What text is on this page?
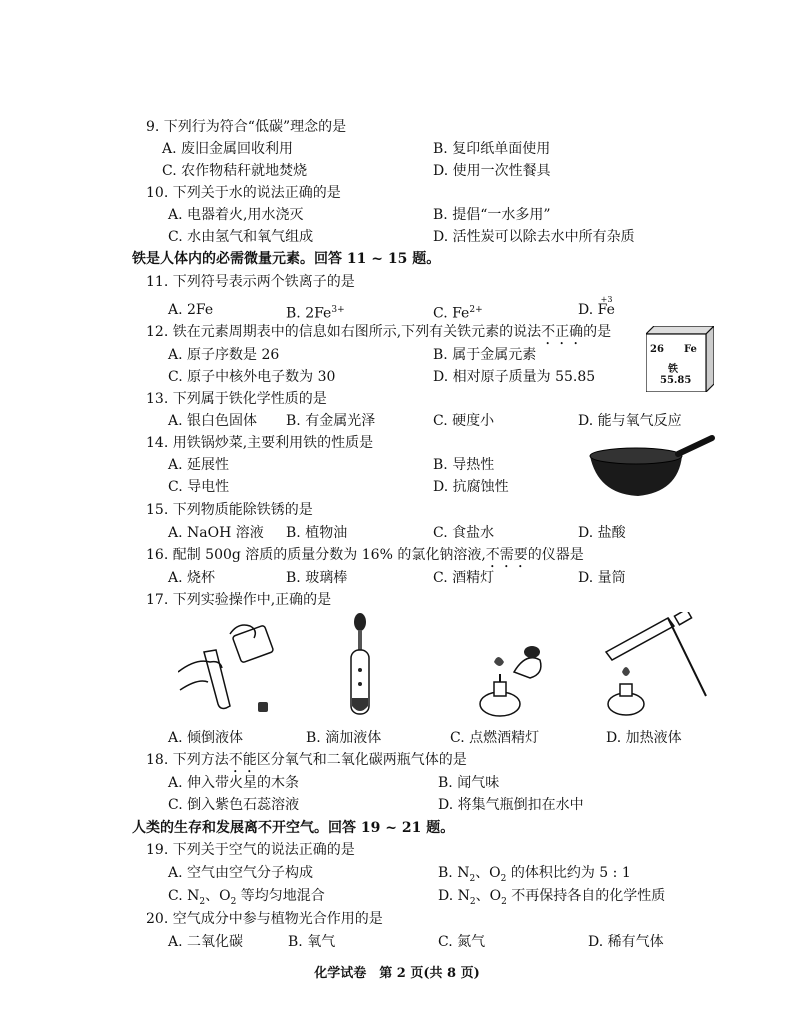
9. 下列行为符合“低碳”理念的是
A. 废旧金属回收利用	B. 复印纸单面使用
C. 农作物秸秆就地焚烧	D. 使用一次性餐具
10. 下列关于水的说法正确的是
A. 电器着火,用水浇灭	B. 提倡“一水多用”
C. 水由氢气和氧气组成	D. 活性炭可以除去水中所有杂质
铁是人体内的必需微量元素。回答 11 ~ 15 题。
11. 下列符号表示两个铁离子的是
A. 2Fe	B. $2Fe^{3+}$	C. $Fe^{2+}$	D.
+3
Fe
12. 铁在元素周期表中的信息如右图所示,下列有关铁元素的说法不正确的是
A. 原子序数是 26	B. 属于金属元素
C. 原子中核外电子数为 30	D. 相对原子质量为 55.85
26 Fe
铁
55.85
13. 下列属于铁化学性质的是
A. 银白色固体 B. 有金属光泽	C. 硬度小	D. 能与氧气反应
14. 用铁锅炒菜,主要利用铁的性质是
A. 延展性	B. 导热性
C. 导电性	D. 抗腐蚀性
15. 下列物质能除铁锈的是
A. NaOH 溶液 B. 植物油	C. 食盐水	D. 盐酸
16. 配制 500g 溶质的质量分数为 16% 的氯化钠溶液,不需要的仪器是
A. 烧杯	B. 玻璃棒	C. 酒精灯	D. 量筒
17. 下列实验操作中,正确的是
A. 倾倒液体	B. 滴加液体	C. 点燃酒精灯	D. 加热液体
18. 下列方法不能区分氧气和二氧化碳两瓶气体的是
A. 伸入带火星的木条	B. 闻气味
C. 倒入紫色石蕊溶液	D. 将集气瓶倒扣在水中
人类的生存和发展离不开空气。回答 19 ~ 21 题。
19. 下列关于空气的说法正确的是
A. 空气由空气分子构成	B. $N_2$、$O_2$ 的体积比约为 5 : 1
C. $N_2$、$O_2$ 等均匀地混合	D. $N_2$、$O_2$ 不再保持各自的化学性质
20. 空气成分中参与植物光合作用的是
A. 二氧化碳	B. 氧气	C. 氮气	D. 稀有气体
化学试卷　第 2 页(共 8 页)
